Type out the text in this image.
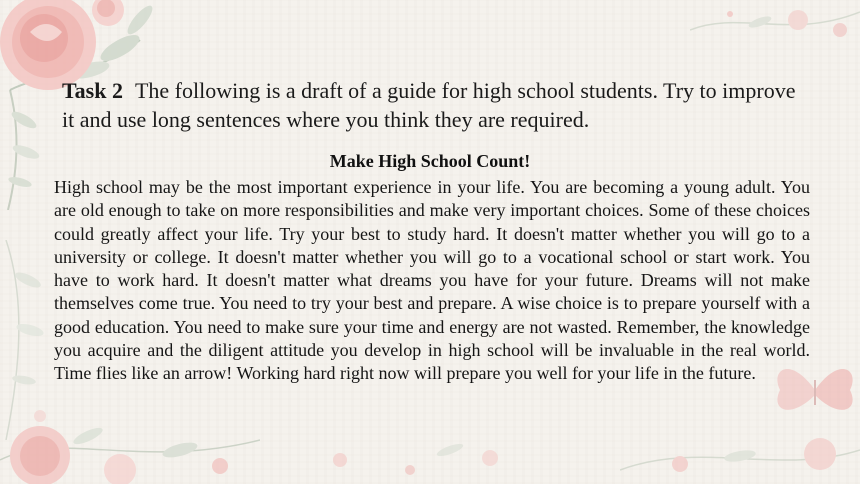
Task 2 The following is a draft of a guide for high school students. Try to improve it and use long sentences where you think they are required.
Make High School Count!
High school may be the most important experience in your life. You are becoming a young adult. You are old enough to take on more responsibilities and make very important choices. Some of these choices could greatly affect your life. Try your best to study hard. It doesn't matter whether you will go to a university or college. It doesn't matter whether you will go to a vocational school or start work. You have to work hard. It doesn't matter what dreams you have for your future. Dreams will not make themselves come true. You need to try your best and prepare. A wise choice is to prepare yourself with a good education. You need to make sure your time and energy are not wasted. Remember, the knowledge you acquire and the diligent attitude you develop in high school will be invaluable in the real world. Time flies like an arrow! Working hard right now will prepare you well for your life in the future.
